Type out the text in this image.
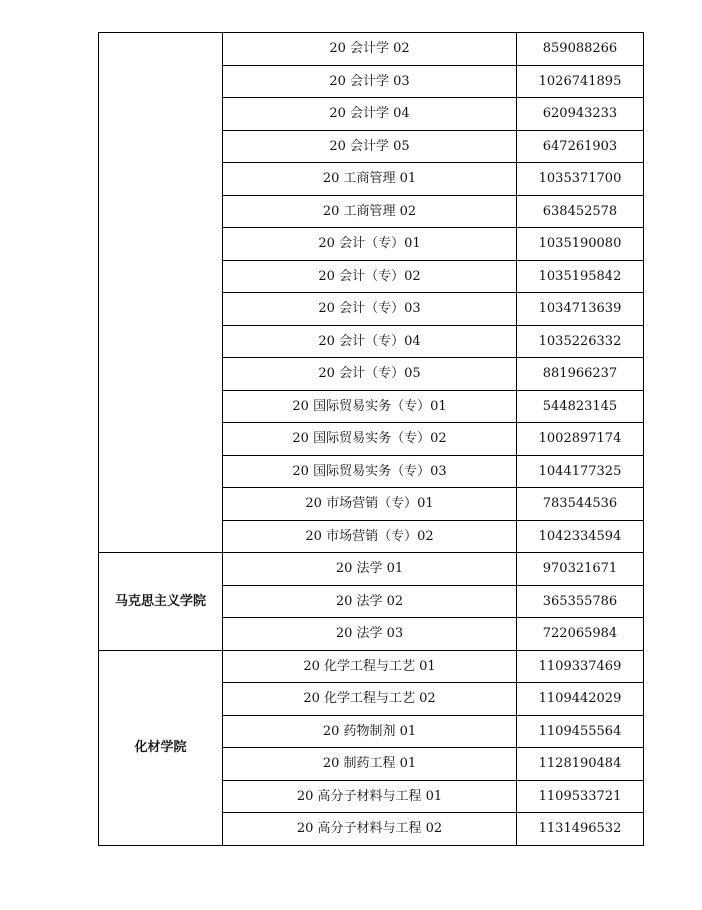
	20 会计学 02	859088266
	20 会计学 03	1026741895
	20 会计学 04	620943233
	20 会计学 05	647261903
	20 工商管理 01	1035371700
	20 工商管理 02	638452578
	20 会计（专）01	1035190080
	20 会计（专）02	1035195842
	20 会计（专）03	1034713639
	20 会计（专）04	1035226332
	20 会计（专）05	881966237
	20 国际贸易实务（专）01	544823145
	20 国际贸易实务（专）02	1002897174
	20 国际贸易实务（专）03	1044177325
	20 市场营销（专）01	783544536
	20 市场营销（专）02	1042334594
马克思主义学院	20 法学 01	970321671
	20 法学 02	365355786
	20 法学 03	722065984
化材学院	20 化学工程与工艺 01	1109337469
	20 化学工程与工艺 02	1109442029
	20 药物制剂 01	1109455564
	20 制药工程 01	1128190484
	20 高分子材料与工程 01	1109533721
	20 高分子材料与工程 02	1131496532
